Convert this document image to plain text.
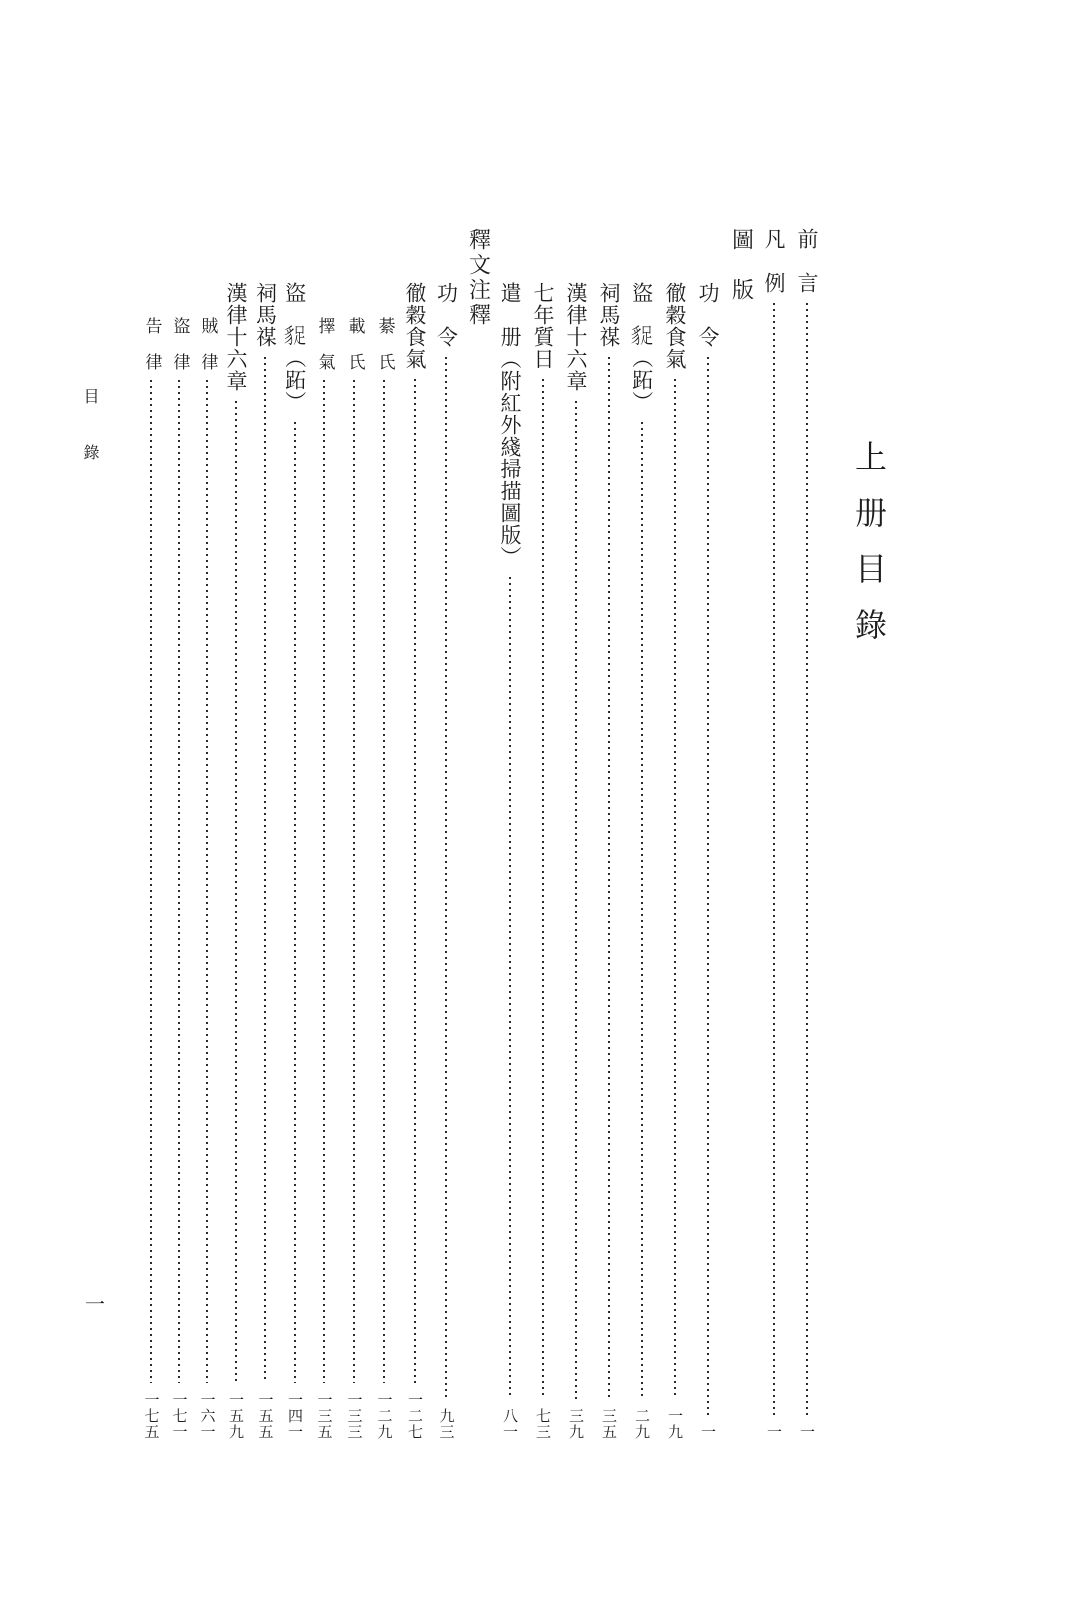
上册目錄
前　言
一
凡　例
一
圖　版
功　令
一
徹穀食氣
一九
盜　
豸
足
（跖）
二九
祠馬禖
三五
漢律十六章
三九
七年質日
七三
遣　册（附紅外綫掃描圖版）
八一
釋文注釋
功　令
九三
徹穀食氣
一二七
綦　氏
一二九
載　氏
一三三
擇　氣
一三五
盜　
豸
足
（跖）
一四一
祠馬禖
一五五
漢律十六章
一五九
賊　律
一六一
盜　律
一七一
告　律
一七五
目錄
一
